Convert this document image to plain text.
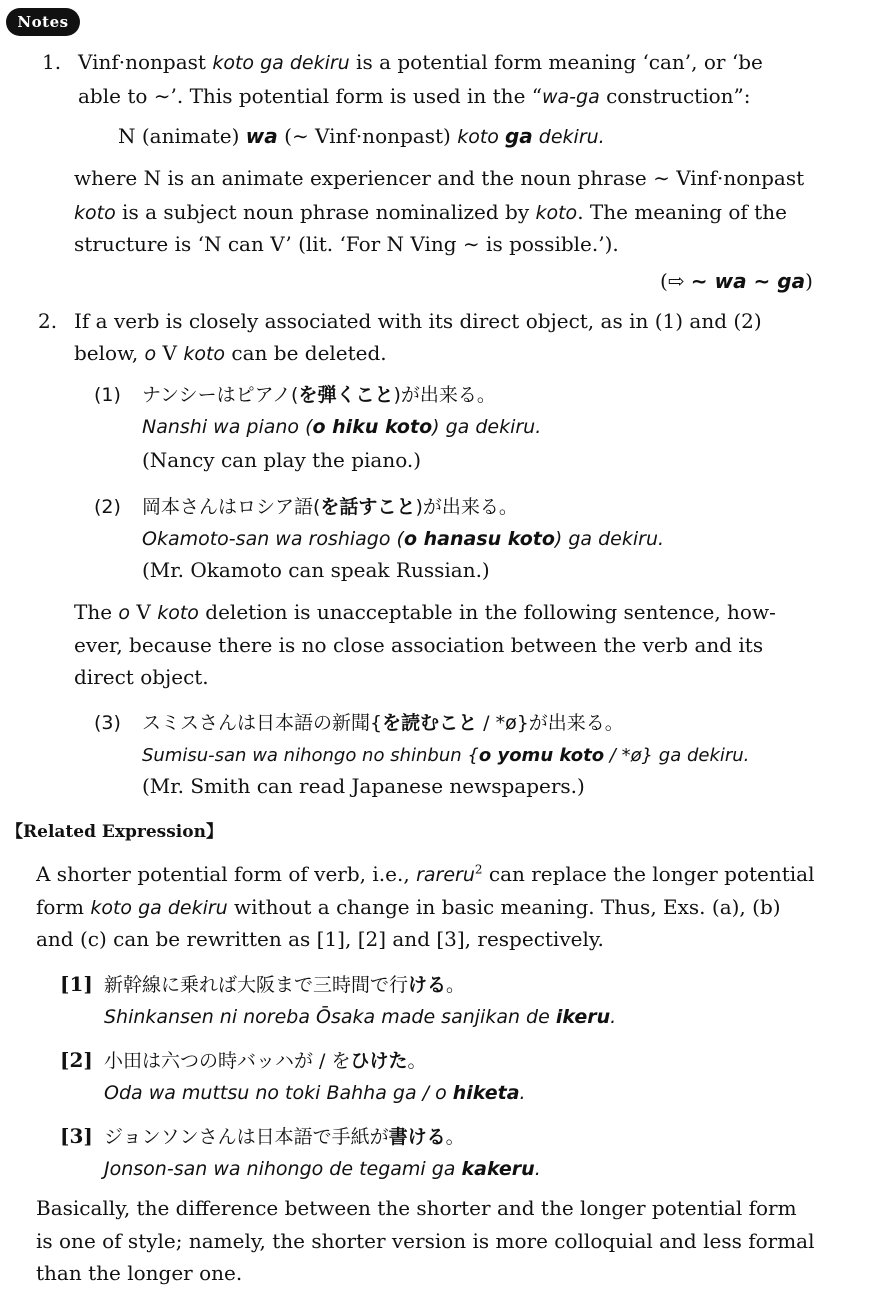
Notes
1. Vinf·nonpast koto ga dekiru is a potential form meaning ‘can’, or ‘be
able to ∼’. This potential form is used in the “wa-ga construction”:
N (animate) wa (∼ Vinf·nonpast) koto ga dekiru.
where N is an animate experiencer and the noun phrase ∼ Vinf·nonpast
koto is a subject noun phrase nominalized by koto. The meaning of the
structure is ‘N can V’ (lit. ‘For N Ving ∼ is possible.’).
(⇨ ∼ wa ∼ ga)
2. If a verb is closely associated with its direct object, as in (1) and (2)
below, o V koto can be deleted.
(1) ナンシーはピアノ(を弾くこと)が出来る。
Nanshi wa piano (o hiku koto) ga dekiru.
(Nancy can play the piano.)
(2) 岡本さんはロシア語(を話すこと)が出来る。
Okamoto-san wa roshiago (o hanasu koto) ga dekiru.
(Mr. Okamoto can speak Russian.)
The o V koto deletion is unacceptable in the following sentence, how-
ever, because there is no close association between the verb and its
direct object.
(3) スミスさんは日本語の新聞{を読むこと / *ø}が出来る。
Sumisu-san wa nihongo no shinbun {o yomu koto / *ø} ga dekiru.
(Mr. Smith can read Japanese newspapers.)
【Related Expression】
A shorter potential form of verb, i.e., rareru$^2$ can replace the longer potential
form koto ga dekiru without a change in basic meaning. Thus, Exs. (a), (b)
and (c) can be rewritten as [1], [2] and [3], respectively.
[1] 新幹線に乗れば大阪まで三時間で行ける。
Shinkansen ni noreba Ōsaka made sanjikan de ikeru.
[2] 小田は六つの時バッハが / をひけた。
Oda wa muttsu no toki Bahha ga / o hiketa.
[3] ジョンソンさんは日本語で手紙が書ける。
Jonson-san wa nihongo de tegami ga kakeru.
Basically, the difference between the shorter and the longer potential form
is one of style; namely, the shorter version is more colloquial and less formal
than the longer one.
